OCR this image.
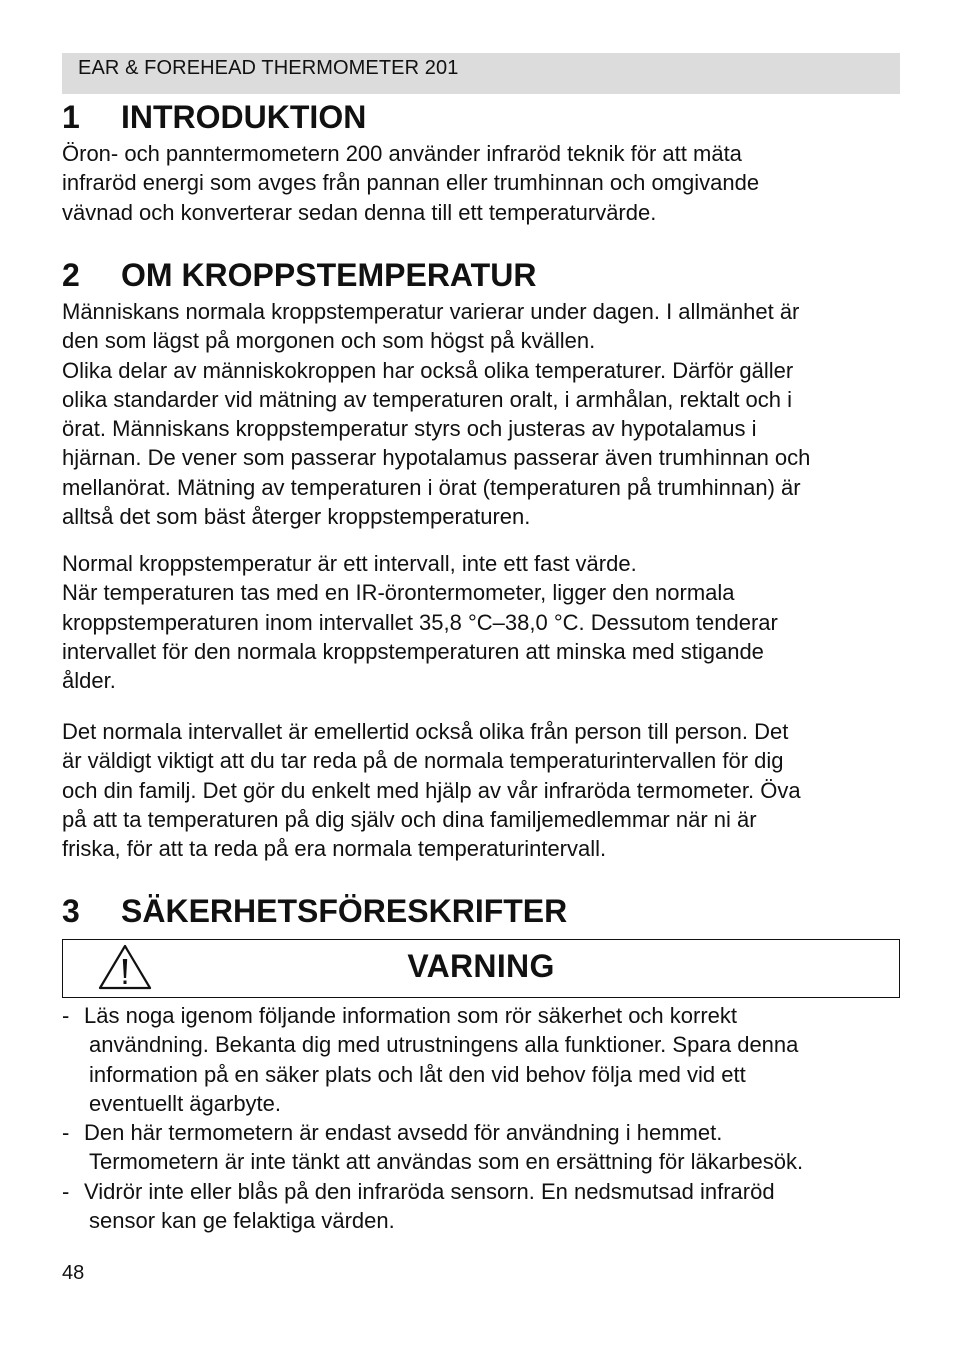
EAR & FOREHEAD THERMOMETER 201
1 INTRODUKTION
Öron- och panntermometern 200 använder infraröd teknik för att mäta
infraröd energi som avges från pannan eller trumhinnan och omgivande
vävnad och konverterar sedan denna till ett temperaturvärde.
2 OM KROPPSTEMPERATUR
Människans normala kroppstemperatur varierar under dagen. I allmänhet är
den som lägst på morgonen och som högst på kvällen.
Olika delar av människokroppen har också olika temperaturer. Därför gäller
olika standarder vid mätning av temperaturen oralt, i armhålan, rektalt och i
örat. Människans kroppstemperatur styrs och justeras av hypotalamus i
hjärnan. De vener som passerar hypotalamus passerar även trumhinnan och
mellanörat. Mätning av temperaturen i örat (temperaturen på trumhinnan) är
alltså det som bäst återger kroppstemperaturen.
Normal kroppstemperatur är ett intervall, inte ett fast värde.
När temperaturen tas med en IR-örontermometer, ligger den normala
kroppstemperaturen inom intervallet 35,8 °C–38,0 °C. Dessutom tenderar
intervallet för den normala kroppstemperaturen att minska med stigande
ålder.
Det normala intervallet är emellertid också olika från person till person. Det
är väldigt viktigt att du tar reda på de normala temperaturintervallen för dig
och din familj. Det gör du enkelt med hjälp av vår infraröda termometer. Öva
på att ta temperaturen på dig själv och dina familjemedlemmar när ni är
friska, för att ta reda på era normala temperaturintervall.
3 SÄKERHETSFÖRESKRIFTER
VARNING
- Läs noga igenom följande information som rör säkerhet och korrekt
användning. Bekanta dig med utrustningens alla funktioner. Spara denna
information på en säker plats och låt den vid behov följa med vid ett
eventuellt ägarbyte.
- Den här termometern är endast avsedd för användning i hemmet.
Termometern är inte tänkt att användas som en ersättning för läkarbesök.
- Vidrör inte eller blås på den infraröda sensorn. En nedsmutsad infraröd
sensor kan ge felaktiga värden.
48
